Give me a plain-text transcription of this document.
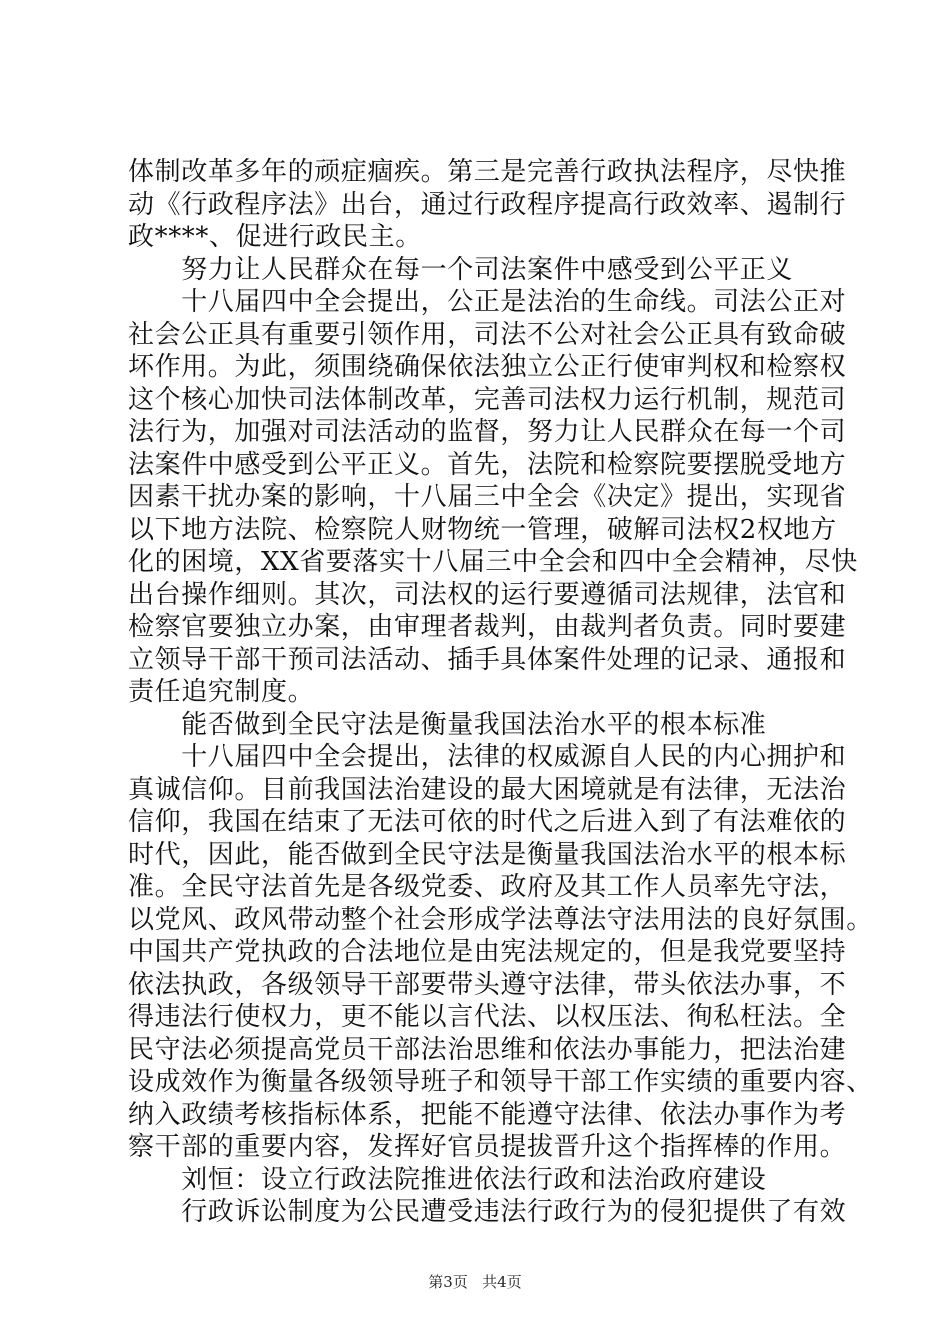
体制改革多年的顽症痼疾。第三是完善行政执法程序，尽快推
动《行政程序法》出台，通过行政程序提高行政效率、遏制行
政****、促进行政民主。
　　努力让人民群众在每一个司法案件中感受到公平正义
　　十八届四中全会提出，公正是法治的生命线。司法公正对
社会公正具有重要引领作用，司法不公对社会公正具有致命破
坏作用。为此，须围绕确保依法独立公正行使审判权和检察权
这个核心加快司法体制改革，完善司法权力运行机制，规范司
法行为，加强对司法活动的监督，努力让人民群众在每一个司
法案件中感受到公平正义。首先，法院和检察院要摆脱受地方
因素干扰办案的影响，十八届三中全会《决定》提出，实现省
以下地方法院、检察院人财物统一管理，破解司法权2权地方
化的困境，XX省要落实十八届三中全会和四中全会精神，尽快
出台操作细则。其次，司法权的运行要遵循司法规律，法官和
检察官要独立办案，由审理者裁判，由裁判者负责。同时要建
立领导干部干预司法活动、插手具体案件处理的记录、通报和
责任追究制度。
　　能否做到全民守法是衡量我国法治水平的根本标准
　　十八届四中全会提出，法律的权威源自人民的内心拥护和
真诚信仰。目前我国法治建设的最大困境就是有法律，无法治
信仰，我国在结束了无法可依的时代之后进入到了有法难依的
时代，因此，能否做到全民守法是衡量我国法治水平的根本标
准。全民守法首先是各级党委、政府及其工作人员率先守法，
以党风、政风带动整个社会形成学法尊法守法用法的良好氛围。
中国共产党执政的合法地位是由宪法规定的，但是我党要坚持
依法执政，各级领导干部要带头遵守法律，带头依法办事，不
得违法行使权力，更不能以言代法、以权压法、徇私枉法。全
民守法必须提高党员干部法治思维和依法办事能力，把法治建
设成效作为衡量各级领导班子和领导干部工作实绩的重要内容、
纳入政绩考核指标体系，把能不能遵守法律、依法办事作为考
察干部的重要内容，发挥好官员提拔晋升这个指挥棒的作用。
　　刘恒：设立行政法院推进依法行政和法治政府建设
　　行政诉讼制度为公民遭受违法行政行为的侵犯提供了有效
第3页 共4页
